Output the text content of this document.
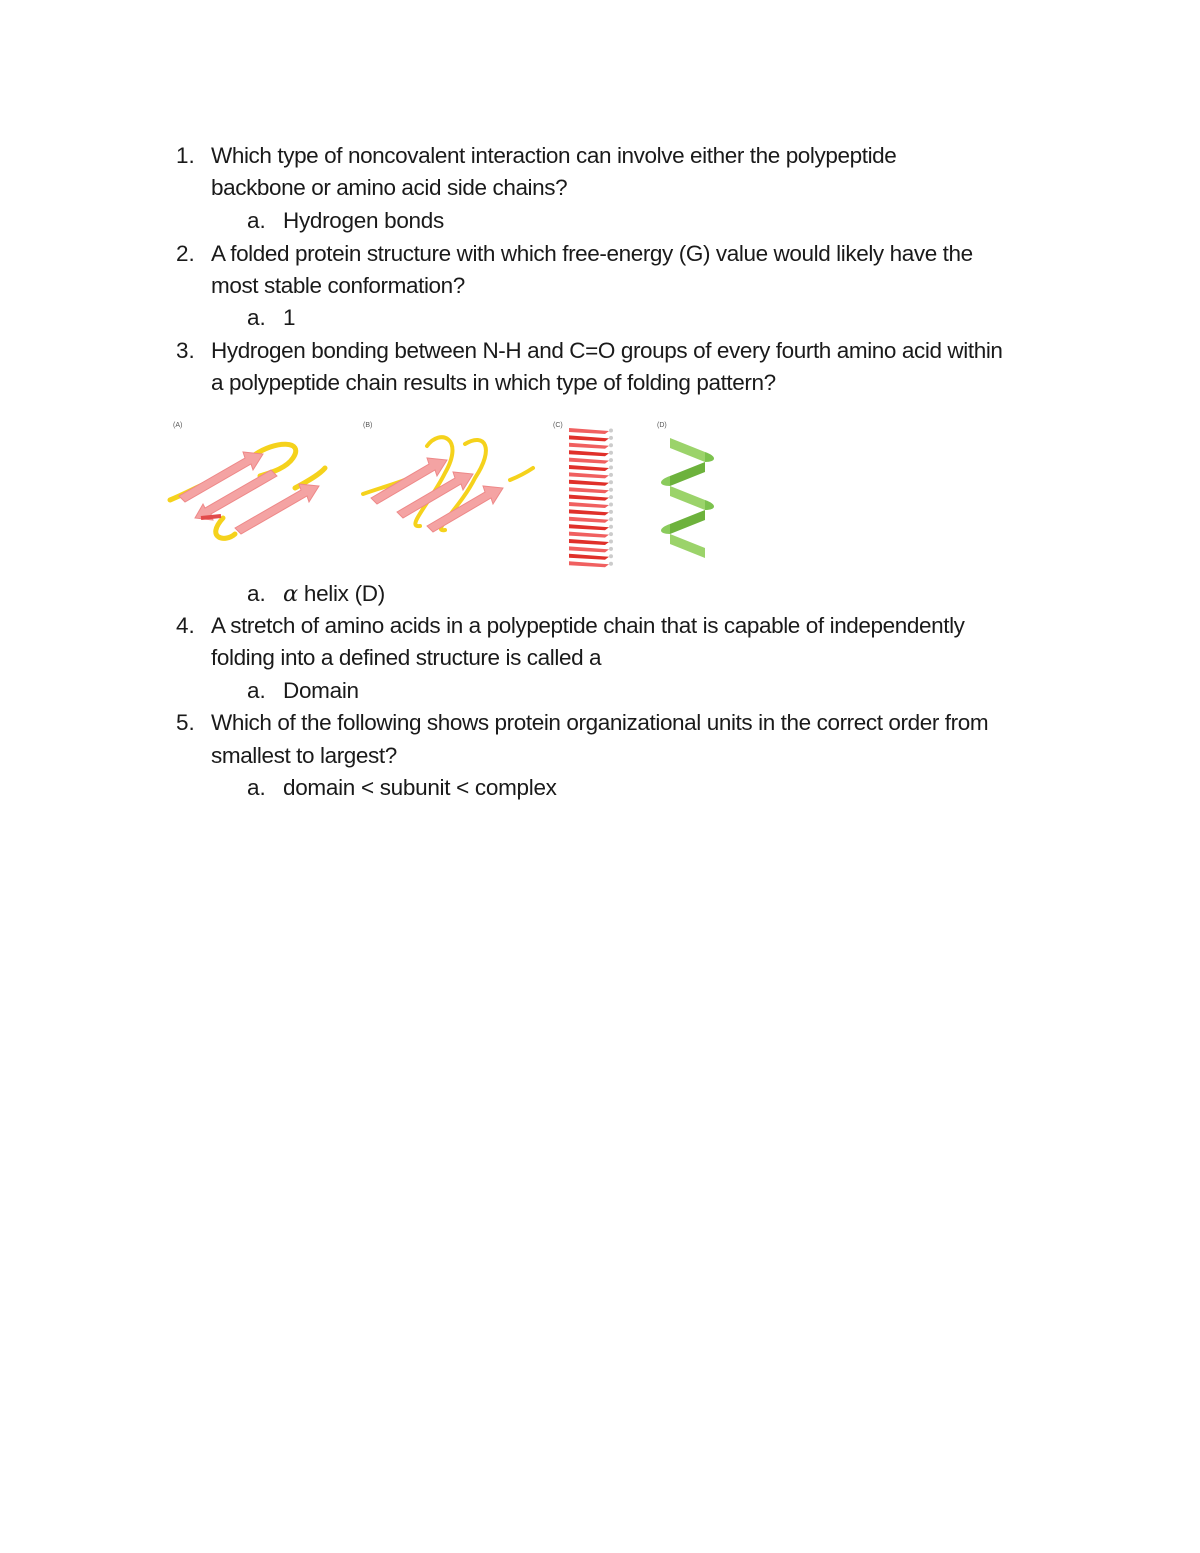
1. Which type of noncovalent interaction can involve either the polypeptide
backbone or amino acid side chains?
a. Hydrogen bonds
2. A folded protein structure with which free-energy (G) value would likely have the
most stable conformation?
a. 1
3. Hydrogen bonding between N-H and C=O groups of every fourth amino acid within
a polypeptide chain results in which type of folding pattern?
(A)	(B)	(C)	(D)
a. α helix (D)
4. A stretch of amino acids in a polypeptide chain that is capable of independently
folding into a defined structure is called a
a. Domain
5. Which of the following shows protein organizational units in the correct order from
smallest to largest?
a. domain < subunit < complex
